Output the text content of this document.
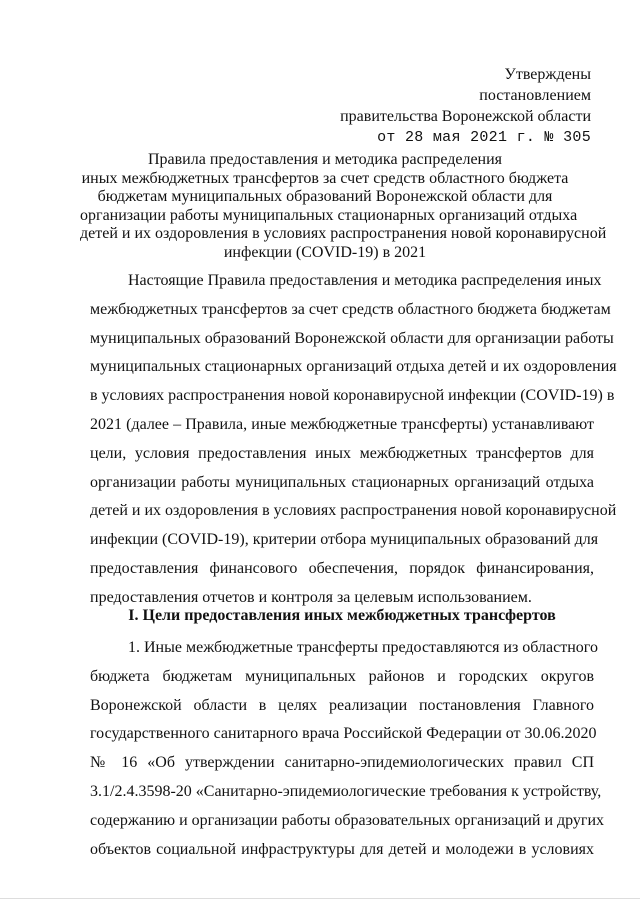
Утверждены
постановлением
правительства Воронежской области
от 28 мая 2021 г. № 305
Правила предоставления и методика распределения
иных межбюджетных трансфертов за счет средств областного бюджета
бюджетам муниципальных образований Воронежской области для
организации работы муниципальных стационарных организаций отдыха
детей и их оздоровления в условиях распространения новой коронавирусной
инфекции (COVID-19) в 2021
Настоящие Правила предоставления и методика распределения иных
межбюджетных трансфертов за счет средств областного бюджета бюджетам
муниципальных образований Воронежской области для организации работы
муниципальных стационарных организаций отдыха детей и их оздоровления
в условиях распространения новой коронавирусной инфекции (COVID-19) в
2021 (далее – Правила, иные межбюджетные трансферты) устанавливают
цели, условия предоставления иных межбюджетных трансфертов для
организации работы муниципальных стационарных организаций отдыха
детей и их оздоровления в условиях распространения новой коронавирусной
инфекции (COVID-19), критерии отбора муниципальных образований для
предоставления финансового обеспечения, порядок финансирования,
предоставления отчетов и контроля за целевым использованием.
I. Цели предоставления иных межбюджетных трансфертов
1. Иные межбюджетные трансферты предоставляются из областного
бюджета бюджетам муниципальных районов и городских округов
Воронежской области в целях реализации постановления Главного
государственного санитарного врача Российской Федерации от 30.06.2020
№ 16 «Об утверждении санитарно-эпидемиологических правил СП
3.1/2.4.3598-20 «Санитарно-эпидемиологические требования к устройству,
содержанию и организации работы образовательных организаций и других
объектов социальной инфраструктуры для детей и молодежи в условиях
